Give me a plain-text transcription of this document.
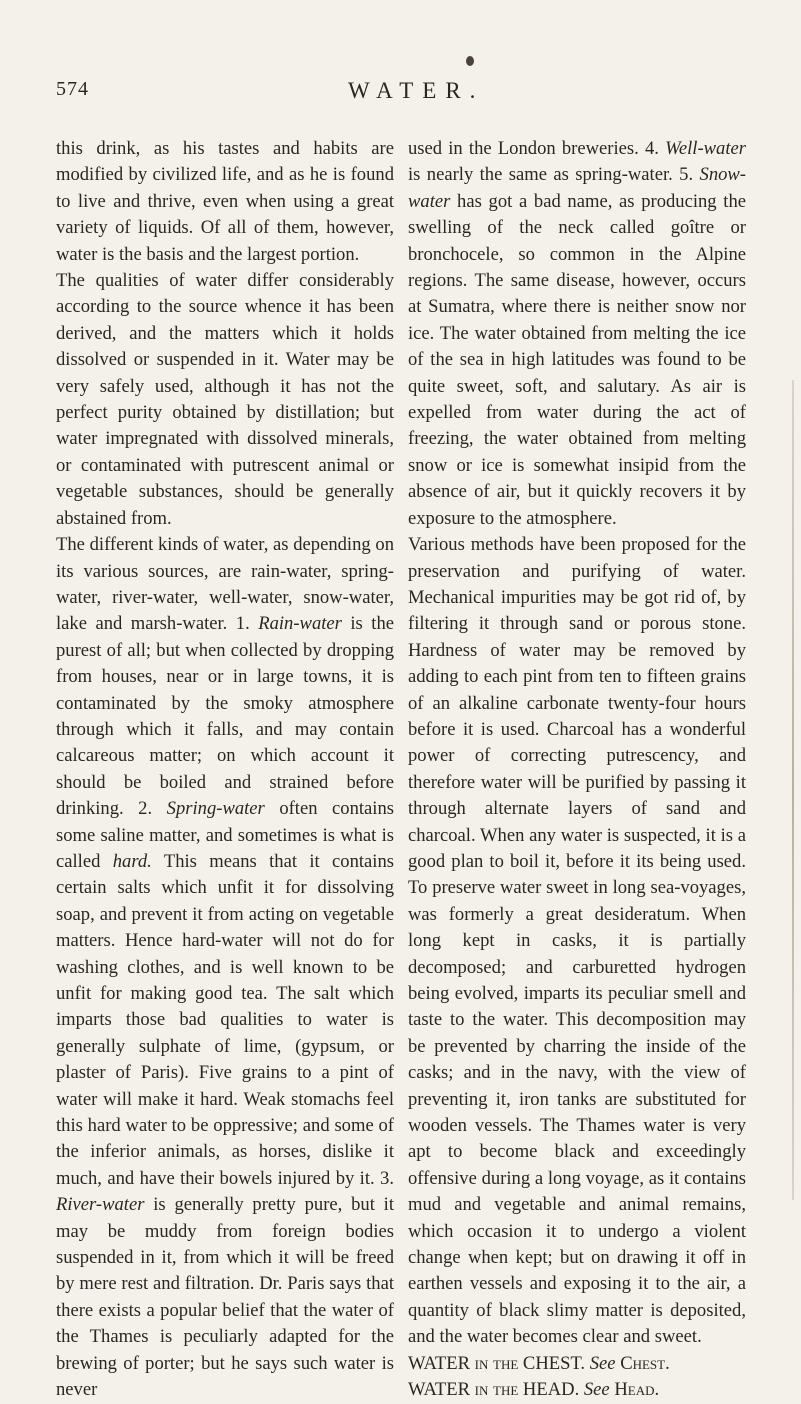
574	WATER.

this drink, as his tastes and habits are modified by civilized life, and as he is found to live and thrive, even when using a great variety of liquids. Of all of them, however, water is the basis and the largest portion.

The qualities of water differ considerably according to the source whence it has been derived, and the matters which it holds dissolved or suspended in it. Water may be very safely used, although it has not the perfect purity obtained by distillation; but water impregnated with dissolved minerals, or contaminated with putrescent animal or vegetable substances, should be generally abstained from.

The different kinds of water, as depending on its various sources, are rain-water, spring-water, river-water, well-water, snow-water, lake and marsh-water. 1. Rain-water is the purest of all; but when collected by dropping from houses, near or in large towns, it is contaminated by the smoky atmosphere through which it falls, and may contain calcareous matter; on which account it should be boiled and strained before drinking. 2. Spring-water often contains some saline matter, and sometimes is what is called hard. This means that it contains certain salts which unfit it for dissolving soap, and prevent it from acting on vegetable matters. Hence hard-water will not do for washing clothes, and is well known to be unfit for making good tea. The salt which imparts those bad qualities to water is generally sulphate of lime, (gypsum, or plaster of Paris). Five grains to a pint of water will make it hard. Weak stomachs feel this hard water to be oppressive; and some of the inferior animals, as horses, dislike it much, and have their bowels injured by it. 3. River-water is generally pretty pure, but it may be muddy from foreign bodies suspended in it, from which it will be freed by mere rest and filtration. Dr. Paris says that there exists a popular belief that the water of the Thames is peculiarly adapted for the brewing of porter; but he says such water is never

used in the London breweries. 4. Well-water is nearly the same as spring-water. 5. Snow-water has got a bad name, as producing the swelling of the neck called goître or bronchocele, so common in the Alpine regions. The same disease, however, occurs at Sumatra, where there is neither snow nor ice. The water obtained from melting the ice of the sea in high latitudes was found to be quite sweet, soft, and salutary. As air is expelled from water during the act of freezing, the water obtained from melting snow or ice is somewhat insipid from the absence of air, but it quickly recovers it by exposure to the atmosphere.

Various methods have been proposed for the preservation and purifying of water. Mechanical impurities may be got rid of, by filtering it through sand or porous stone. Hardness of water may be removed by adding to each pint from ten to fifteen grains of an alkaline carbonate twenty-four hours before it is used. Charcoal has a wonderful power of correcting putrescency, and therefore water will be purified by passing it through alternate layers of sand and charcoal. When any water is suspected, it is a good plan to boil it, before it its being used. To preserve water sweet in long sea-voyages, was formerly a great desideratum. When long kept in casks, it is partially decomposed; and carburetted hydrogen being evolved, imparts its peculiar smell and taste to the water. This decomposition may be prevented by charring the inside of the casks; and in the navy, with the view of preventing it, iron tanks are substituted for wooden vessels. The Thames water is very apt to become black and exceedingly offensive during a long voyage, as it contains mud and vegetable and animal remains, which occasion it to undergo a violent change when kept; but on drawing it off in earthen vessels and exposing it to the air, a quantity of black slimy matter is deposited, and the water becomes clear and sweet.

WATER in the CHEST. See Chest.

WATER in the HEAD. See Head.
